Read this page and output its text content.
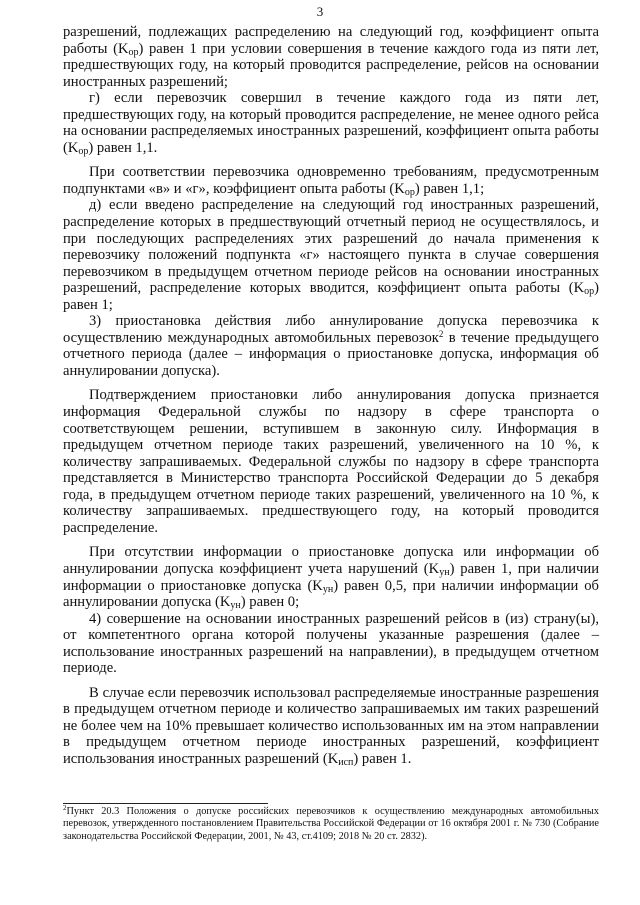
3

разрешений, подлежащих распределению на следующий год, коэффициент опыта работы $(K_{ор})$ равен 1 при условии совершения в течение каждого года из пяти лет, предшествующих году, на который проводится распределение, рейсов на основании иностранных разрешений;

г) если перевозчик совершил в течение каждого года из пяти лет, предшествующих году, на который проводится распределение, не менее одного рейса на основании распределяемых иностранных разрешений, коэффициент опыта работы $(K_{ор})$ равен 1,1.

При соответствии перевозчика одновременно требованиям, предусмотренным подпунктами «в» и «г», коэффициент опыта работы $(K_{ор})$ равен 1,1;

д) если введено распределение на следующий год иностранных разрешений, распределение которых в предшествующий отчетный период не осуществлялось, и при последующих распределениях этих разрешений до начала применения к перевозчику положений подпункта «г» настоящего пункта в случае совершения перевозчиком в предыдущем отчетном периоде рейсов на основании иностранных разрешений, распределение которых вводится, коэффициент опыта работы $(K_{ор})$ равен 1;

3) приостановка действия либо аннулирование допуска перевозчика к осуществлению международных автомобильных перевозок$^2$ в течение предыдущего отчетного периода (далее – информация о приостановке допуска, информация об аннулировании допуска).

Подтверждением приостановки либо аннулирования допуска признается информация Федеральной службы по надзору в сфере транспорта о соответствующем решении, вступившем в законную силу. Информация в предыдущем отчетном периоде таких разрешений, увеличенного на 10 %, к количеству запрашиваемых. Федеральной службы по надзору в сфере транспорта представляется в Министерство транспорта Российской Федерации до 5 декабря года, в предыдущем отчетном периоде таких разрешений, увеличенного на 10 %, к количеству запрашиваемых. предшествующего году, на который проводится распределение.

При отсутствии информации о приостановке допуска или информации об аннулировании допуска коэффициент учета нарушений $(K_{ун})$ равен 1, при наличии информации о приостановке допуска $(K_{ун})$ равен 0,5, при наличии информации об аннулировании допуска $(K_{ун})$ равен 0;

4) совершение на основании иностранных разрешений рейсов в (из) страну(ы), от компетентного органа которой получены указанные разрешения (далее – использование иностранных разрешений на направлении), в предыдущем отчетном периоде.

В случае если перевозчик использовал распределяемые иностранные разрешения в предыдущем отчетном периоде и количество запрашиваемых им таких разрешений не более чем на 10% превышает количество использованных им на этом направлении в предыдущем отчетном периоде иностранных разрешений, коэффициент использования иностранных разрешений $(K_{исп})$ равен 1.

$^2$Пункт 20.3 Положения о допуске российских перевозчиков к осуществлению международных автомобильных перевозок, утвержденного постановлением Правительства Российской Федерации от 16 октября 2001 г. № 730 (Собрание законодательства Российской Федерации, 2001, № 43, ст.4109; 2018 № 20 ст. 2832).
